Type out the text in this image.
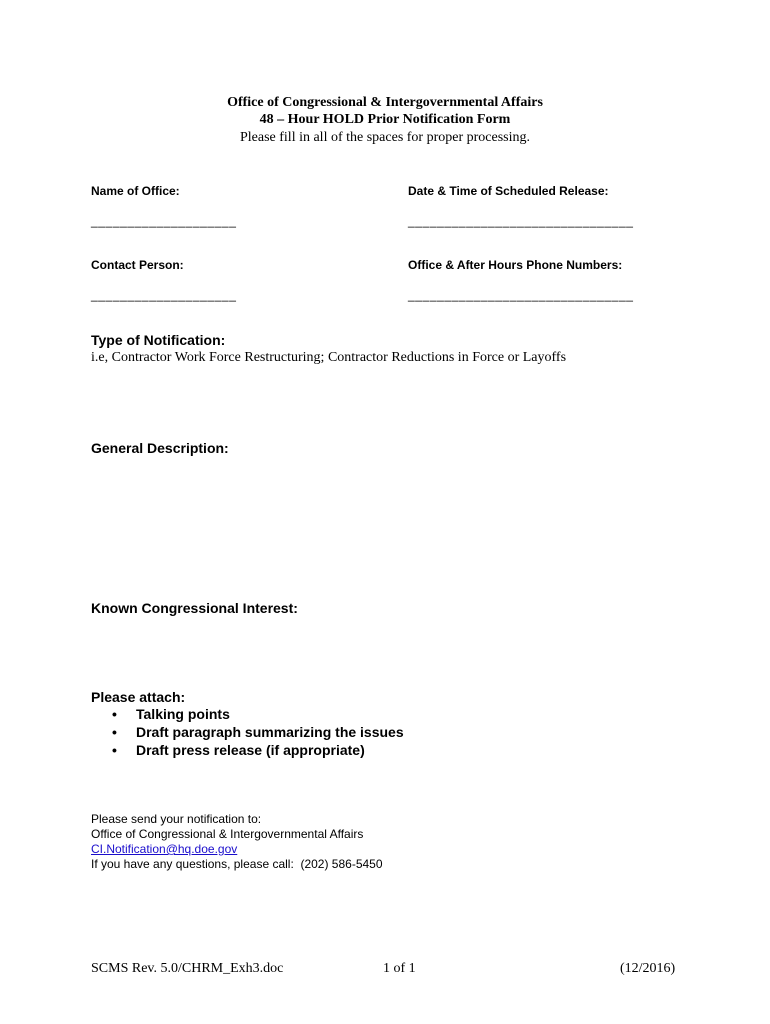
Office of Congressional & Intergovernmental Affairs
48 – Hour HOLD Prior Notification Form
Please fill in all of the spaces for proper processing.
Name of Office:
____________________
Date & Time of Scheduled Release:
_______________________________
Contact Person:
____________________
Office & After Hours Phone Numbers:
_______________________________
Type of Notification:
i.e, Contractor Work Force Restructuring; Contractor Reductions in Force or Layoffs
General Description:
Known Congressional Interest:
Please attach:
• Talking points
• Draft paragraph summarizing the issues
• Draft press release (if appropriate)
Please send your notification to:
Office of Congressional & Intergovernmental Affairs
CI.Notification@hq.doe.gov
If you have any questions, please call:  (202) 586-5450
SCMS Rev. 5.0/CHRM_Exh3.doc	1 of 1	(12/2016)
